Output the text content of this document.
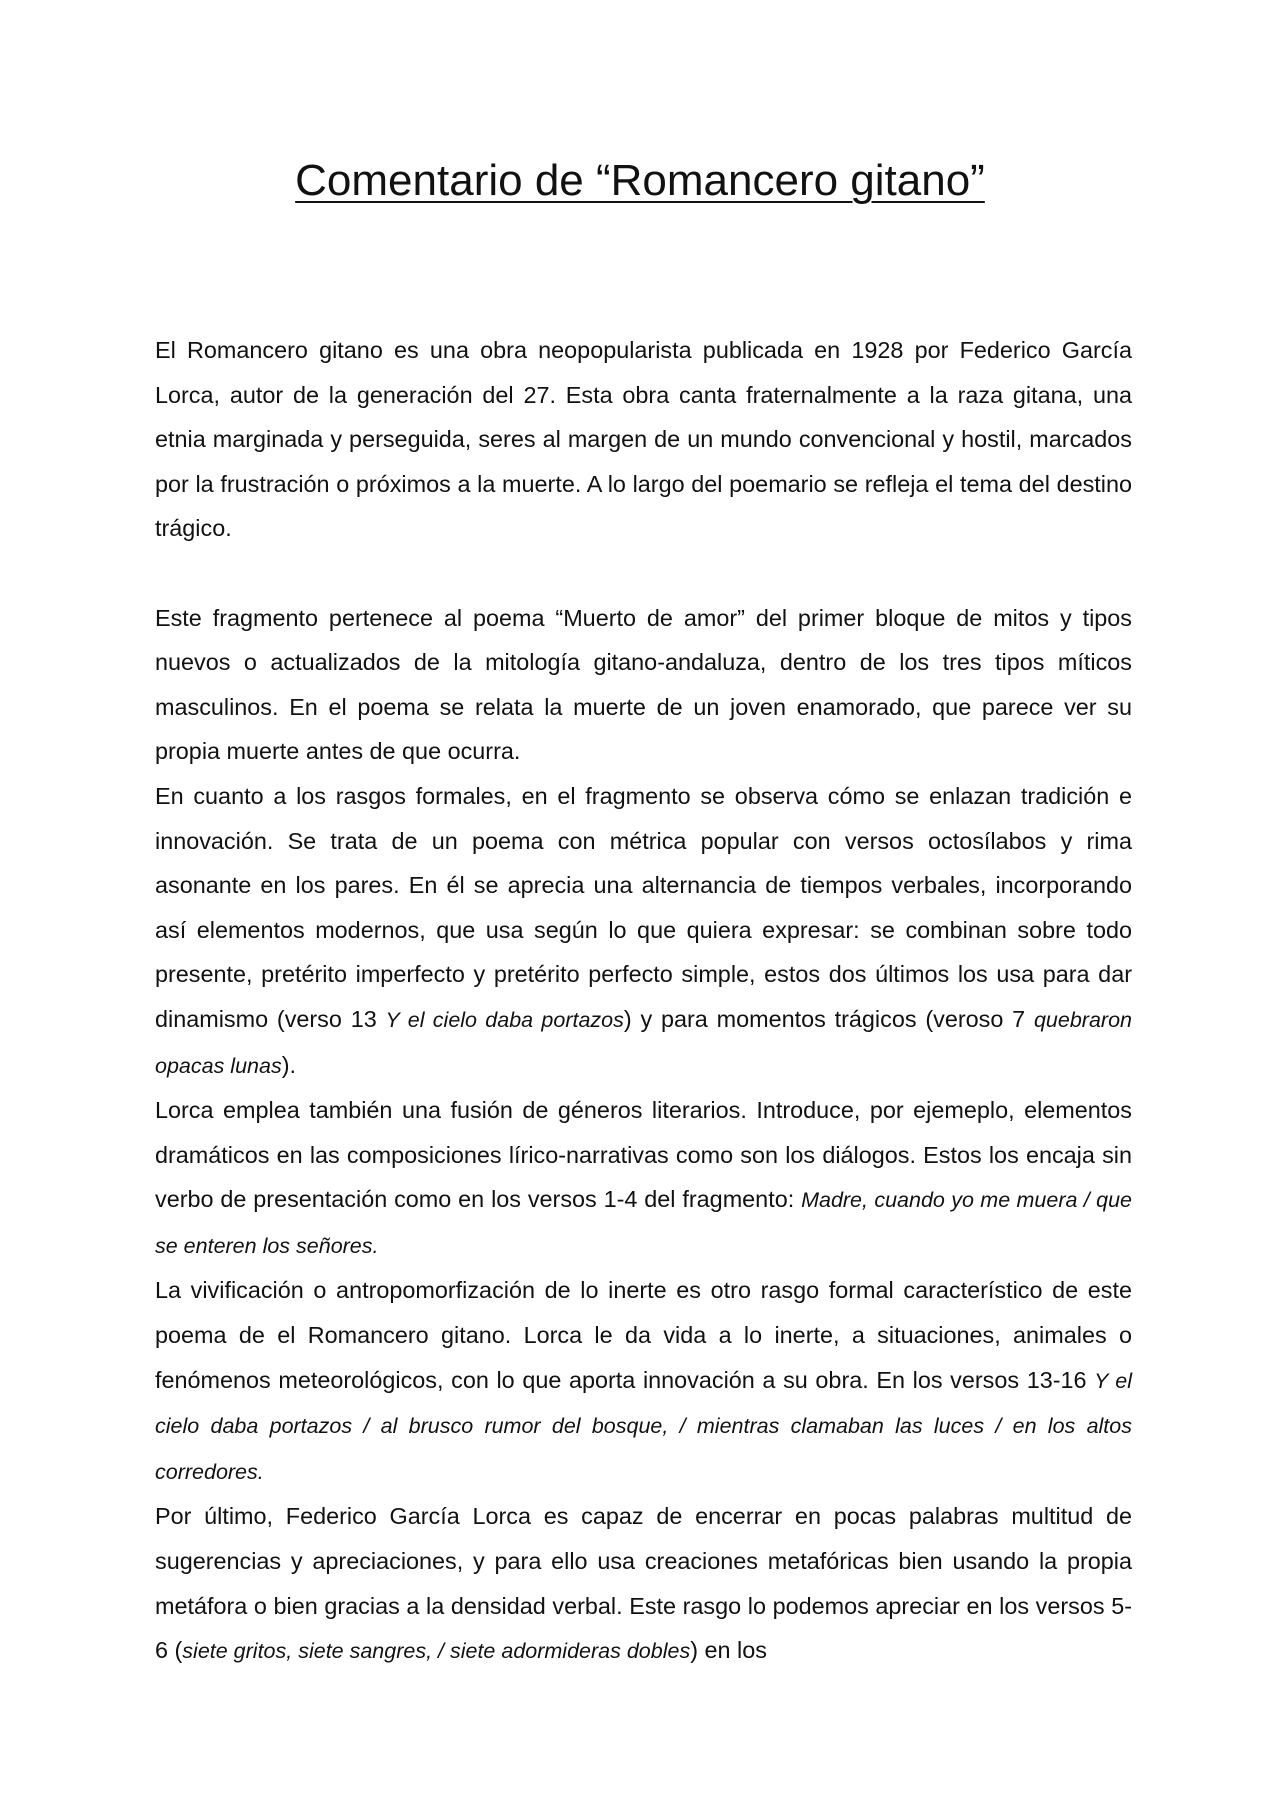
Comentario de “Romancero gitano”

El Romancero gitano es una obra neopopularista publicada en 1928 por Federico García Lorca, autor de la generación del 27. Esta obra canta fraternalmente a la raza gitana, una etnia marginada y perseguida, seres al margen de un mundo convencional y hostil, marcados por la frustración o próximos a la muerte. A lo largo del poemario se refleja el tema del destino trágico.

Este fragmento pertenece al poema “Muerto de amor” del primer bloque de mitos y tipos nuevos o actualizados de la mitología gitano-andaluza, dentro de los tres tipos míticos masculinos. En el poema se relata la muerte de un joven enamorado, que parece ver su propia muerte antes de que ocurra.

En cuanto a los rasgos formales, en el fragmento se observa cómo se enlazan tradición e innovación. Se trata de un poema con métrica popular con versos octosílabos y rima asonante en los pares. En él se aprecia una alternancia de tiempos verbales, incorporando así elementos modernos, que usa según lo que quiera expresar: se combinan sobre todo presente, pretérito imperfecto y pretérito perfecto simple, estos dos últimos los usa para dar dinamismo (verso 13 Y el cielo daba portazos) y para momentos trágicos (veroso 7 quebraron opacas lunas).

Lorca emplea también una fusión de géneros literarios. Introduce, por ejemeplo, elementos dramáticos en las composiciones lírico-narrativas como son los diálogos. Estos los encaja sin verbo de presentación como en los versos 1-4 del fragmento: Madre, cuando yo me muera / que se enteren los señores.

La vivificación o antropomorfización de lo inerte es otro rasgo formal característico de este poema de el Romancero gitano. Lorca le da vida a lo inerte, a situaciones, animales o fenómenos meteorológicos, con lo que aporta innovación a su obra. En los versos 13-16 Y el cielo daba portazos / al brusco rumor del bosque, / mientras clamaban las luces / en los altos corredores.

Por último, Federico García Lorca es capaz de encerrar en pocas palabras multitud de sugerencias y apreciaciones, y para ello usa creaciones metafóricas bien usando la propia metáfora o bien gracias a la densidad verbal. Este rasgo lo podemos apreciar en los versos 5-6 (siete gritos, siete sangres, / siete adormideras dobles) en los
